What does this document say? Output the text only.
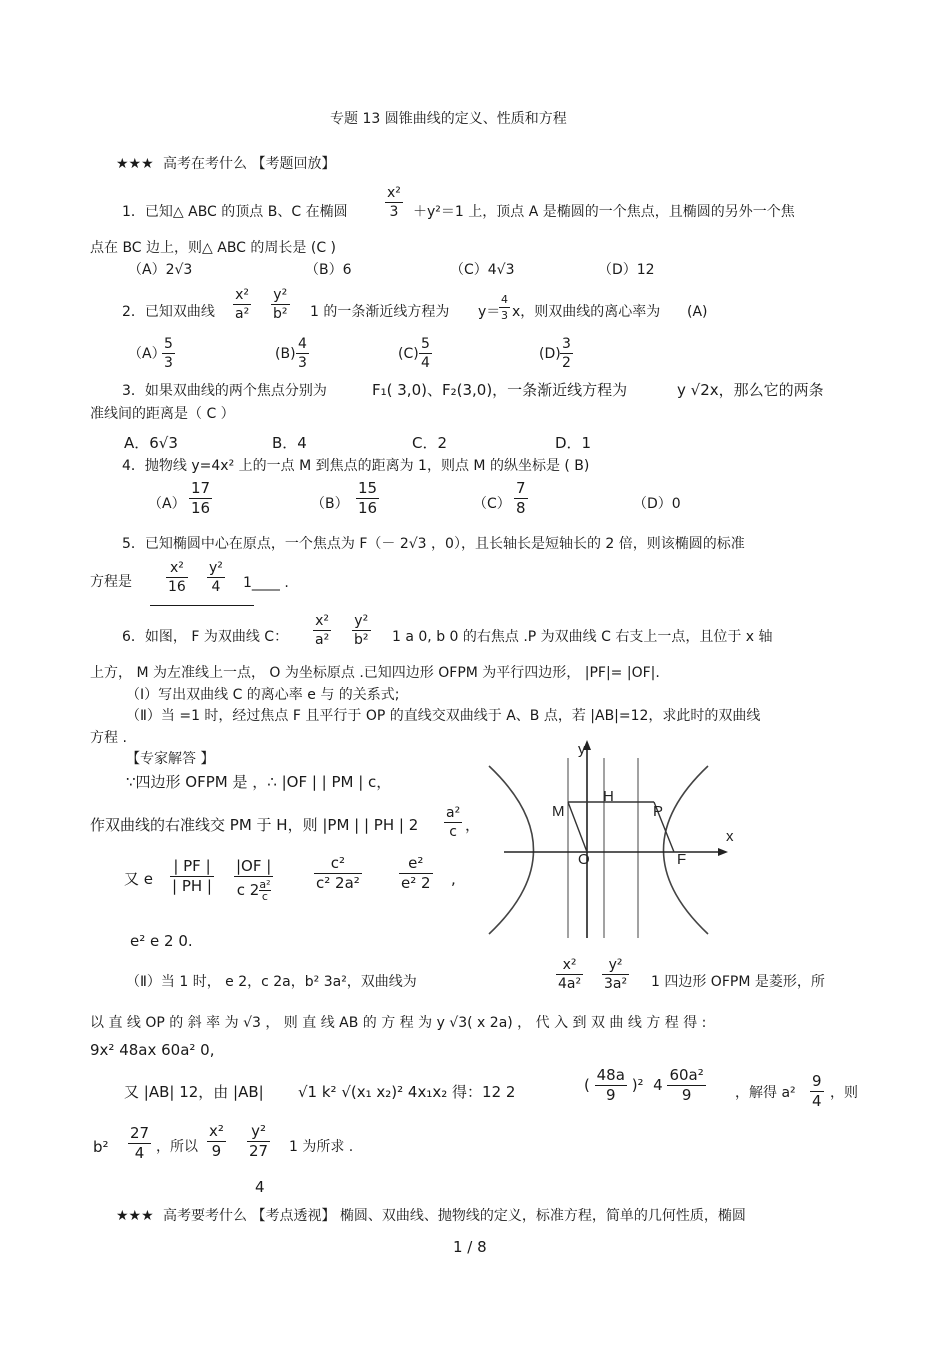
专题 13 圆锥曲线的定义、性质和方程
★★★ 高考在考什么 【考题回放】
1．已知△ ABC 的顶点 B、C 在椭圆	$\frac{\text{x²}}{3} +y^2=1$ 上，顶点 A 是椭圆的一个焦点，且椭圆的另外一个焦
点在 BC 边上，则△ ABC 的周长是 (C )
（A）2√3	（B）6	（C）4√3	（D）12
2．已知双曲线 $\frac{\text{x²}}{\text{a²}} \frac{\text{y²}}{\text{b²}} 1$ 的一条渐近线方程为 y＝
$\frac{4}{3}$ x，则双曲线的离心率为 (A)
（A）
$\frac{5}{3}$	$(B) \frac{4}{3}$	$(C) \frac{5}{4}$	$(D) \frac{3}{2}$
3．如果双曲线的两个焦点分别为	F₁( 3,0)、F₂(3,0)，一条渐近线方程为	y √2x，那么它的两条
准线间的距离是（ C ）
A．6√3	B．4	C．2	D．1
4．抛物线 y=4x² 上的一点 M 到焦点的距离为 1，则点 M 的纵坐标是 ( B)
$(A) \frac{17}{16}$	$(B) \frac{15}{16}$	$(C) \frac{7}{8}$	（D）0
5．已知椭圆中心在原点，一个焦点为 F（－ 2√3 ，0），且长轴长是短轴长的 2 倍，则该椭圆的标准
方程是 $\frac{\text{x²}}{16} \frac{\text{y²}}{4}$ 1____ .
6．如图， F 为双曲线 C： $\frac{\text{x²}}{\text{a²}} \frac{\text{y²}}{\text{b²}} 1$ a 0, b 0 的右焦点 .P 为双曲线 C 右支上一点，且位于 x 轴
上方， M 为左准线上一点， O 为坐标原点 .已知四边形 OFPM 为平行四边形， |PF|= |OF|.
（Ⅰ）写出双曲线 C 的离心率 e 与 的关系式;
（Ⅱ）当 =1 时，经过焦点 F 且平行于 OP 的直线交双曲线于 A、B 点，若 |AB|=12，求此时的双曲线
方程 .
【专家解答 】
∵四边形 OFPM 是 ，∴ |OF | | PM | c，
作双曲线的右准线交 PM 于 H，则 |PM | | PH | $2 \frac{\text{a²}}{c}$ ，
又 e $\frac{| PF |}{| PH |} \frac{|OF |}{c 2 \frac{\text{a²}}{c}}$	$\frac{\text{c²}}{\text{c² 2a²}} \frac{\text{e²}}{\text{e² 2}}$ ,
e² e 2 0.
（Ⅱ）当 1 时， e 2，c 2a，b² 3a²，双曲线为	$\frac{\text{x²}}{\text{4a²}} \frac{\text{y²}}{\text{3a²}} 1$ 四边形 OFPM 是菱形，所
以 直 线 OP 的 斜 率 为 √3 ， 则 直 线 AB 的 方 程 为 y √3( x 2a) ， 代 入 到 双 曲 线 方 程 得 :
9x² 48ax 60a² 0,
又 |AB| 12，由 |AB| √1 k² √(x₁ x₂)² 4x₁x₂ 得：12 2	( $\frac{48a}{9} )^2$  $4 \frac{\text{60a²}}{9}$ ，解得 $a^2 \frac{9}{4}$ ，则
$b^2 \frac{27}{4}$ ，所以 $\frac{\text{x²}}{9} \frac{\text{y²}}{27}$
4
1 为所求 .
y
x
M
H
P
O	F
★★★ 高考要考什么 【考点透视】 椭圆、双曲线、抛物线的定义，标准方程，简单的几何性质，椭圆
1 / 8
